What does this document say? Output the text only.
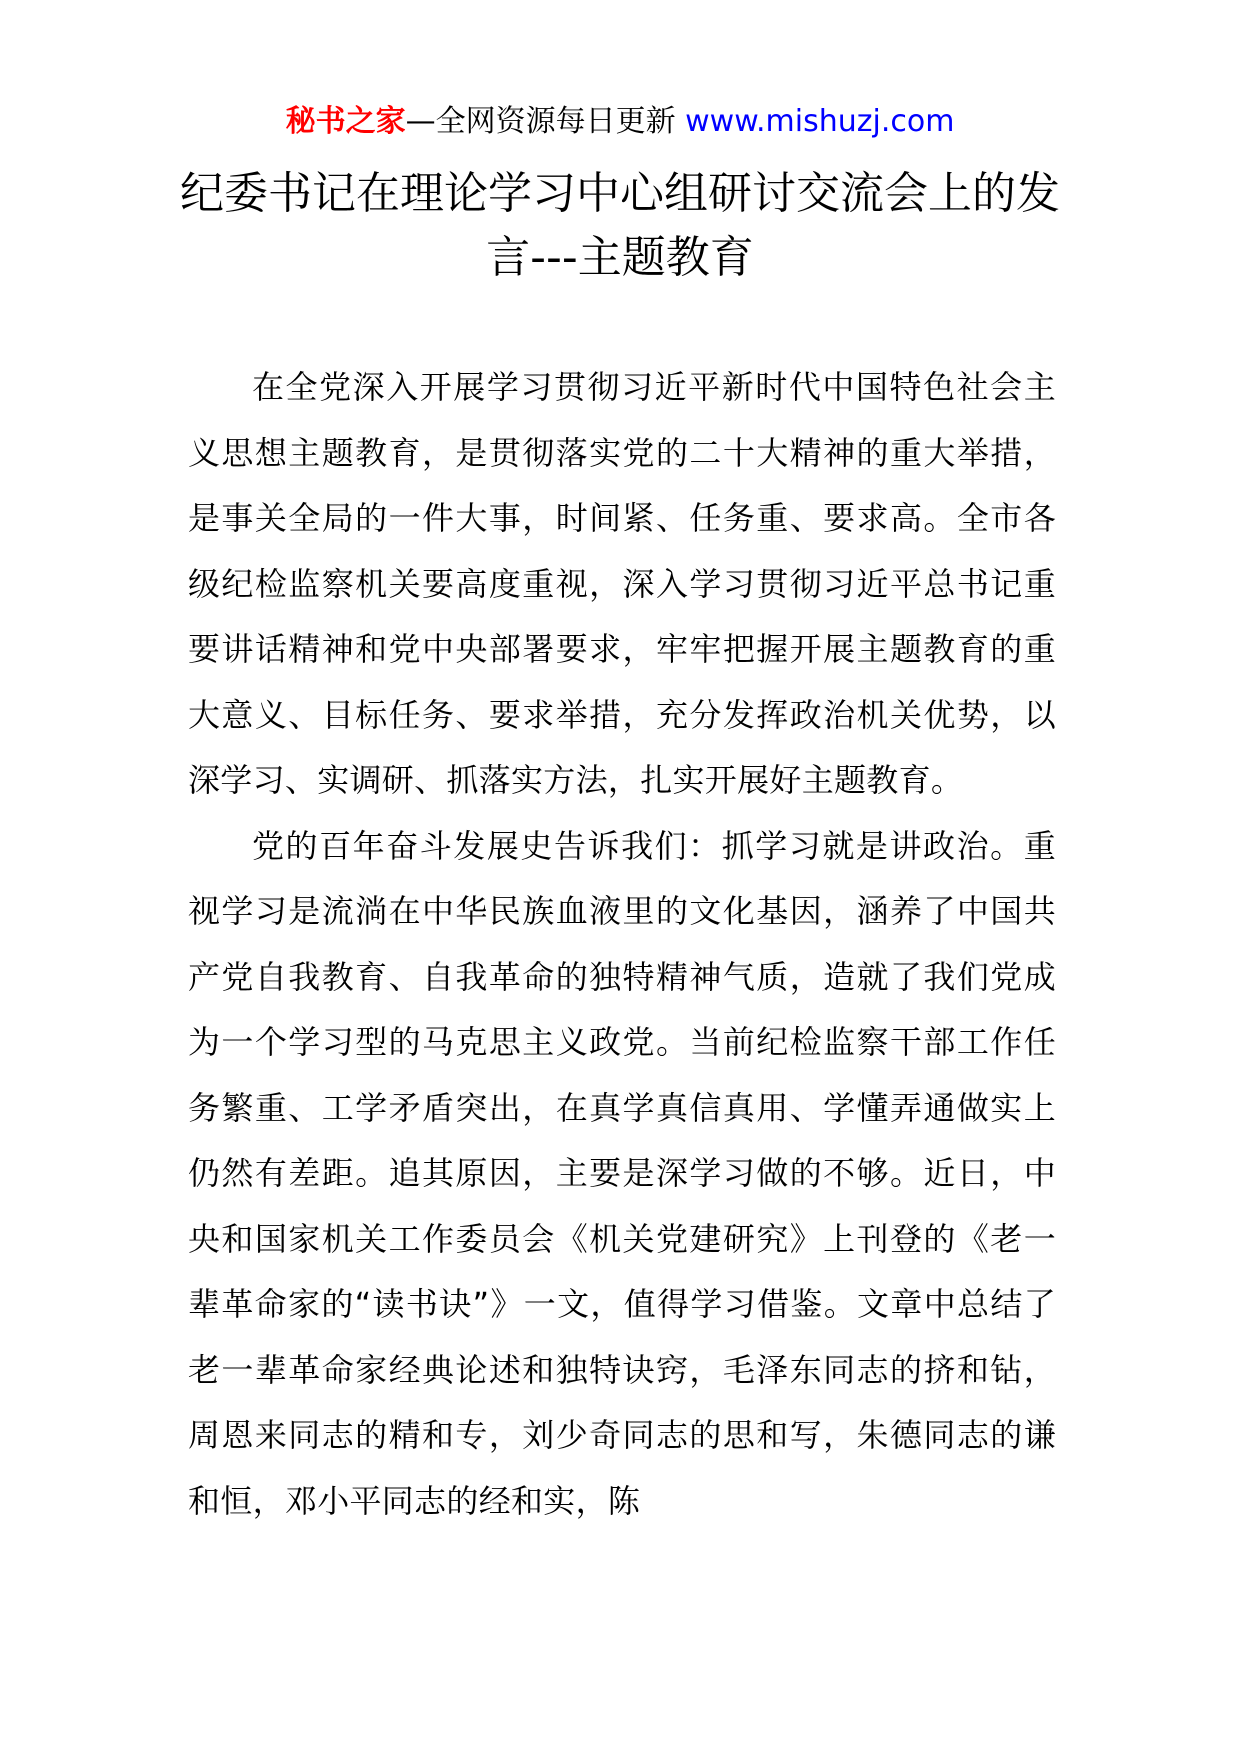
秘书之家—全网资源每日更新 www.mishuzj.com
纪委书记在理论学习中心组研讨交流会上的发言---主题教育

在全党深入开展学习贯彻习近平新时代中国特色社会主义思想主题教育，是贯彻落实党的二十大精神的重大举措，是事关全局的一件大事，时间紧、任务重、要求高。全市各级纪检监察机关要高度重视，深入学习贯彻习近平总书记重要讲话精神和党中央部署要求，牢牢把握开展主题教育的重大意义、目标任务、要求举措，充分发挥政治机关优势，以深学习、实调研、抓落实方法，扎实开展好主题教育。

党的百年奋斗发展史告诉我们：抓学习就是讲政治。重视学习是流淌在中华民族血液里的文化基因，涵养了中国共产党自我教育、自我革命的独特精神气质，造就了我们党成为一个学习型的马克思主义政党。当前纪检监察干部工作任务繁重、工学矛盾突出，在真学真信真用、学懂弄通做实上仍然有差距。追其原因，主要是深学习做的不够。近日，中央和国家机关工作委员会《机关党建研究》上刊登的《老一辈革命家的“读书诀”》一文，值得学习借鉴。文章中总结了老一辈革命家经典论述和独特诀窍，毛泽东同志的挤和钻，周恩来同志的精和专，刘少奇同志的思和写，朱德同志的谦和恒，邓小平同志的经和实，陈
